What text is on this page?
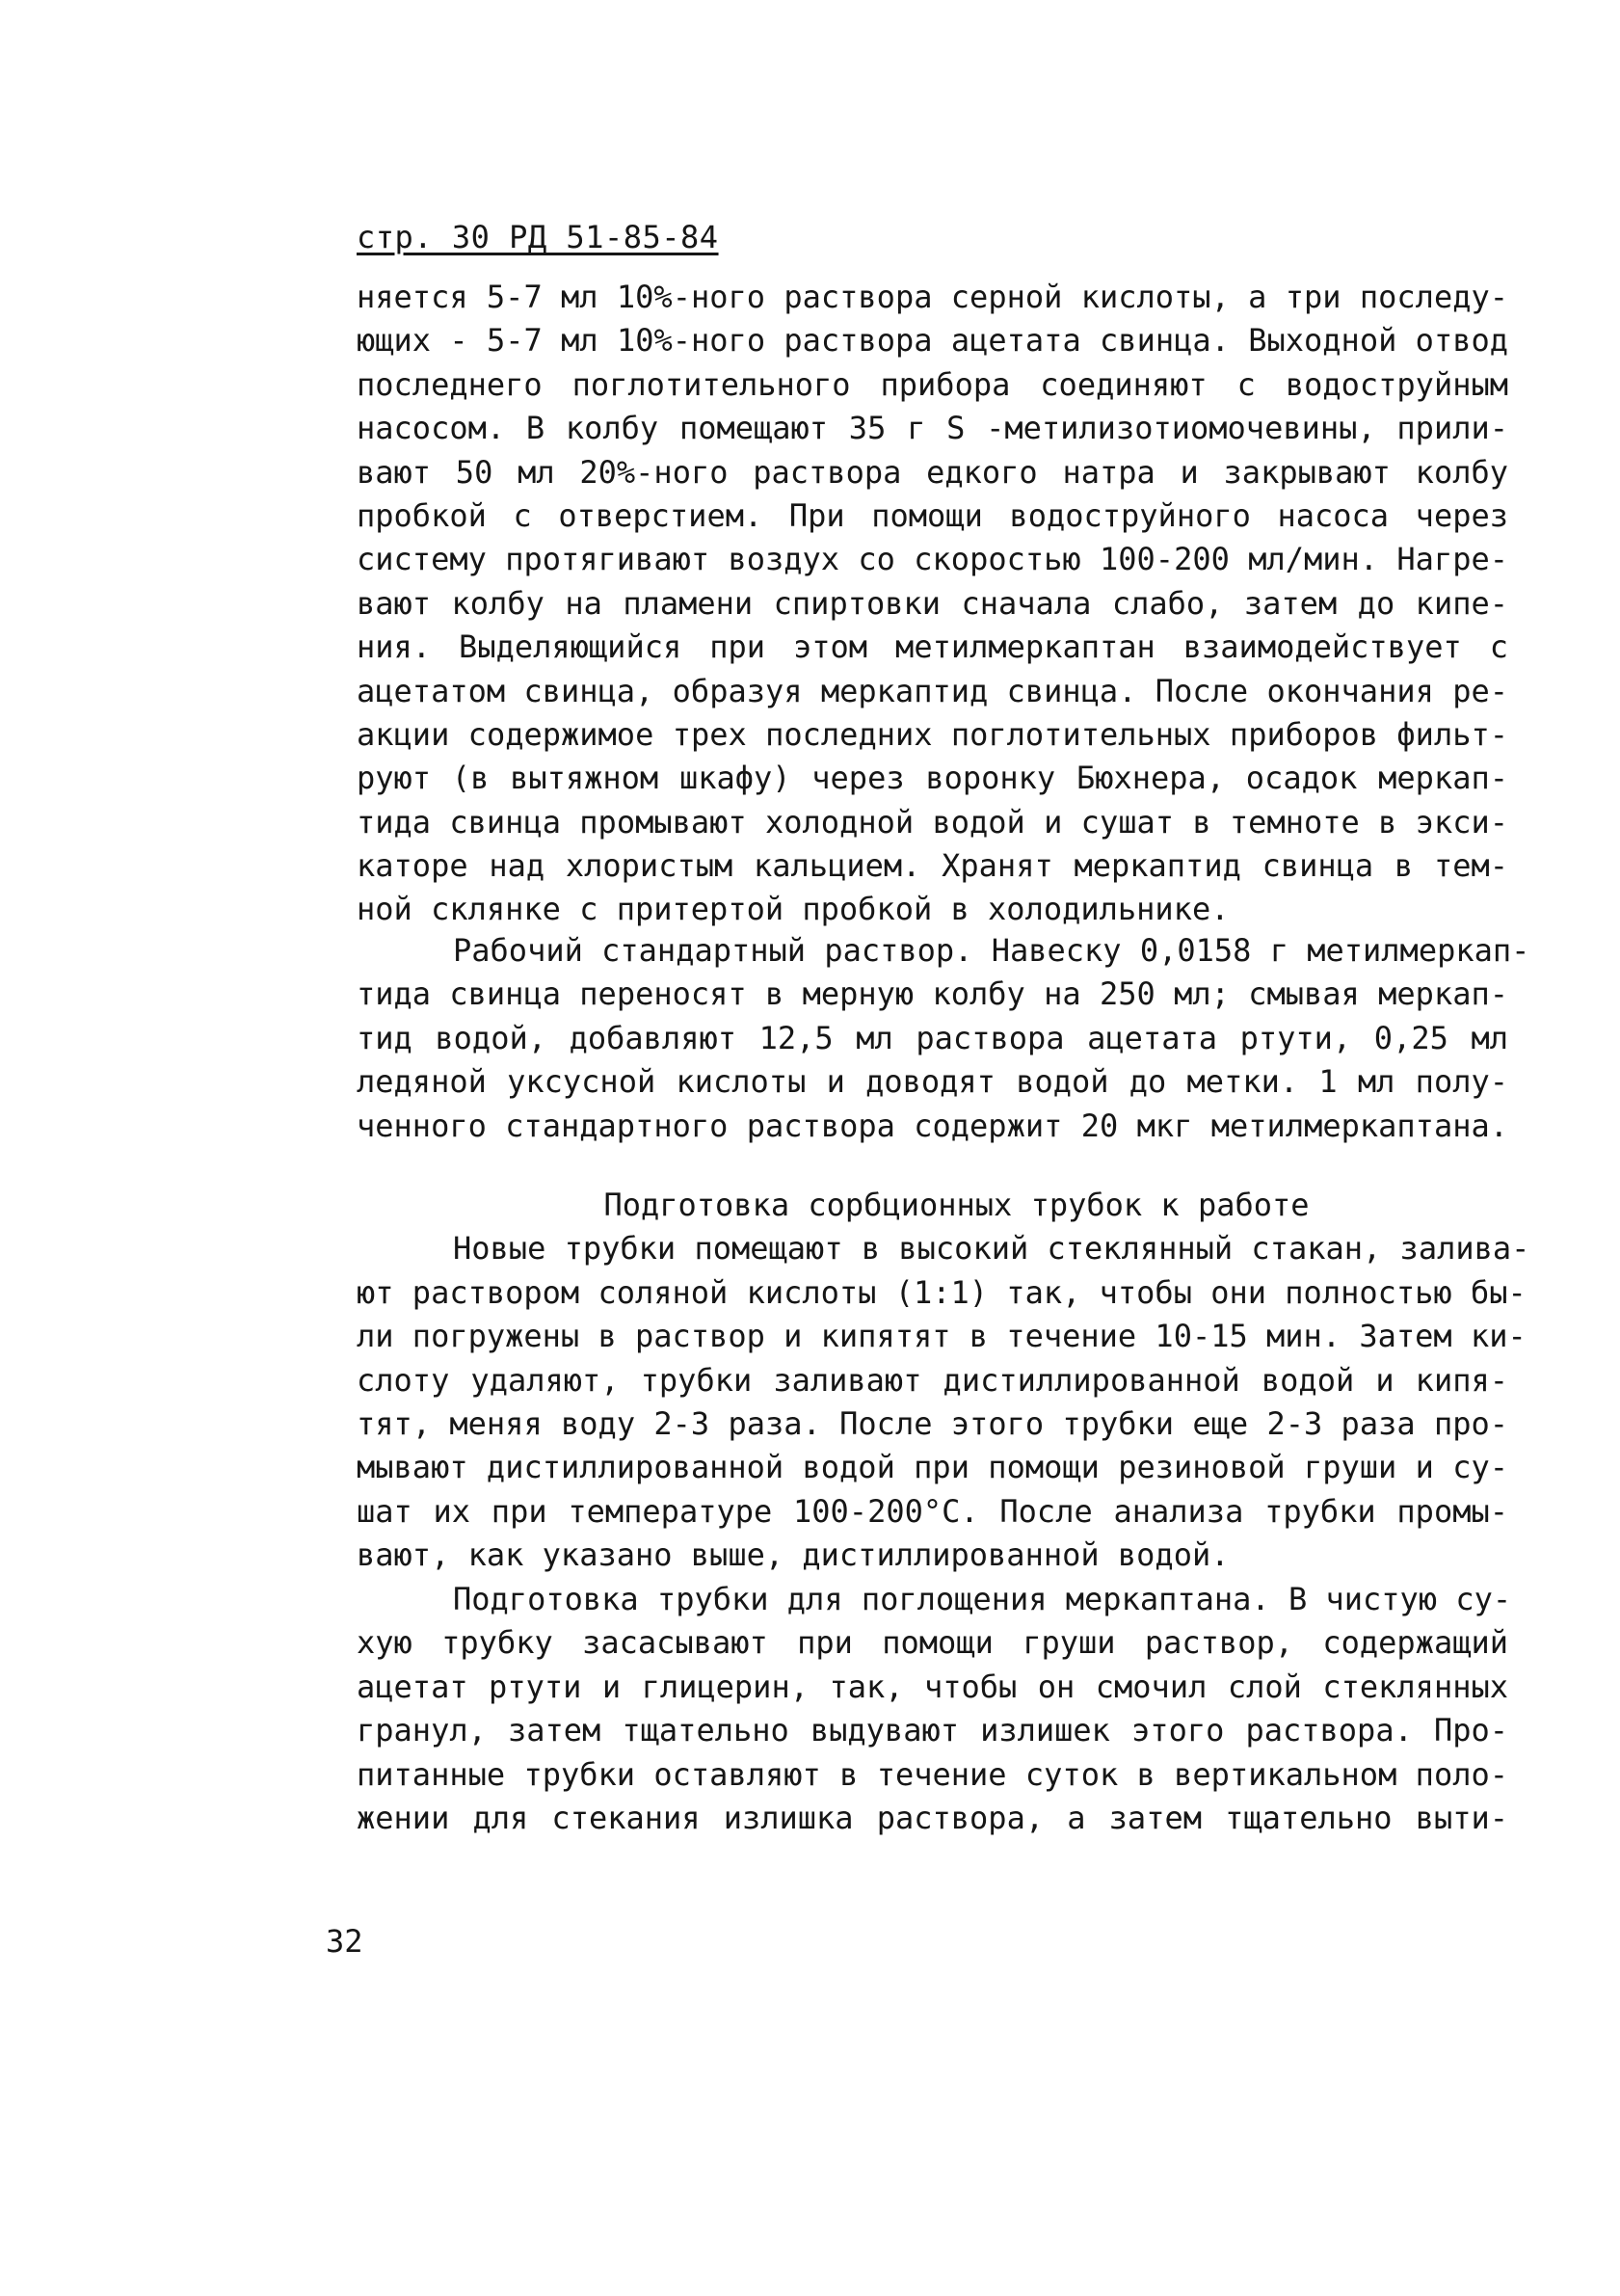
стр. 30 РД 51-85-84
няется 5-7 мл 10%-ного раствора серной кислоты, а три последу-
ющих - 5-7 мл 10%-ного раствора ацетата свинца. Выходной отвод
последнего поглотительного прибора соединяют с водоструйным
насосом. В колбу помещают 35 г S -метилизотиомочевины, прили-
вают 50 мл 20%-ного раствора едкого натра и закрывают колбу
пробкой с отверстием. При помощи водоструйного насоса через
систему протягивают воздух со скоростью 100-200 мл/мин. Нагре-
вают колбу на пламени спиртовки сначала слабо, затем до кипе-
ния. Выделяющийся при этом метилмеркаптан взаимодействует с
ацетатом свинца, образуя меркаптид свинца. После окончания ре-
акции содержимое трех последних поглотительных приборов фильт-
руют (в вытяжном шкафу) через воронку Бюхнера, осадок меркап-
тида свинца промывают холодной водой и сушат в темноте в экси-
каторе над хлористым кальцием. Хранят меркаптид свинца в тем-
ной склянке с притертой пробкой в холодильнике.
Рабочий стандартный раствор. Навеску 0,0158 г метилмеркап-
тида свинца переносят в мерную колбу на 250 мл; смывая меркап-
тид водой, добавляют 12,5 мл раствора ацетата ртути, 0,25 мл
ледяной уксусной кислоты и доводят водой до метки. 1 мл полу-
ченного стандартного раствора содержит 20 мкг метилмеркаптана.
Подготовка сорбционных трубок к работе
Новые трубки помещают в высокий стеклянный стакан, залива-
ют раствором соляной кислоты (1:1) так, чтобы они полностью бы-
ли погружены в раствор и кипятят в течение 10-15 мин. Затем ки-
слоту удаляют, трубки заливают дистиллированной водой и кипя-
тят, меняя воду 2-3 раза. После этого трубки еще 2-3 раза про-
мывают дистиллированной водой при помощи резиновой груши и су-
шат их при температуре 100-200°С. После анализа трубки промы-
вают, как указано выше, дистиллированной водой.
Подготовка трубки для поглощения меркаптана. В чистую су-
хую трубку засасывают при помощи груши раствор, содержащий
ацетат ртути и глицерин, так, чтобы он смочил слой стеклянных
гранул, затем тщательно выдувают излишек этого раствора. Про-
питанные трубки оставляют в течение суток в вертикальном поло-
жении для стекания излишка раствора, а затем тщательно выти-
32
